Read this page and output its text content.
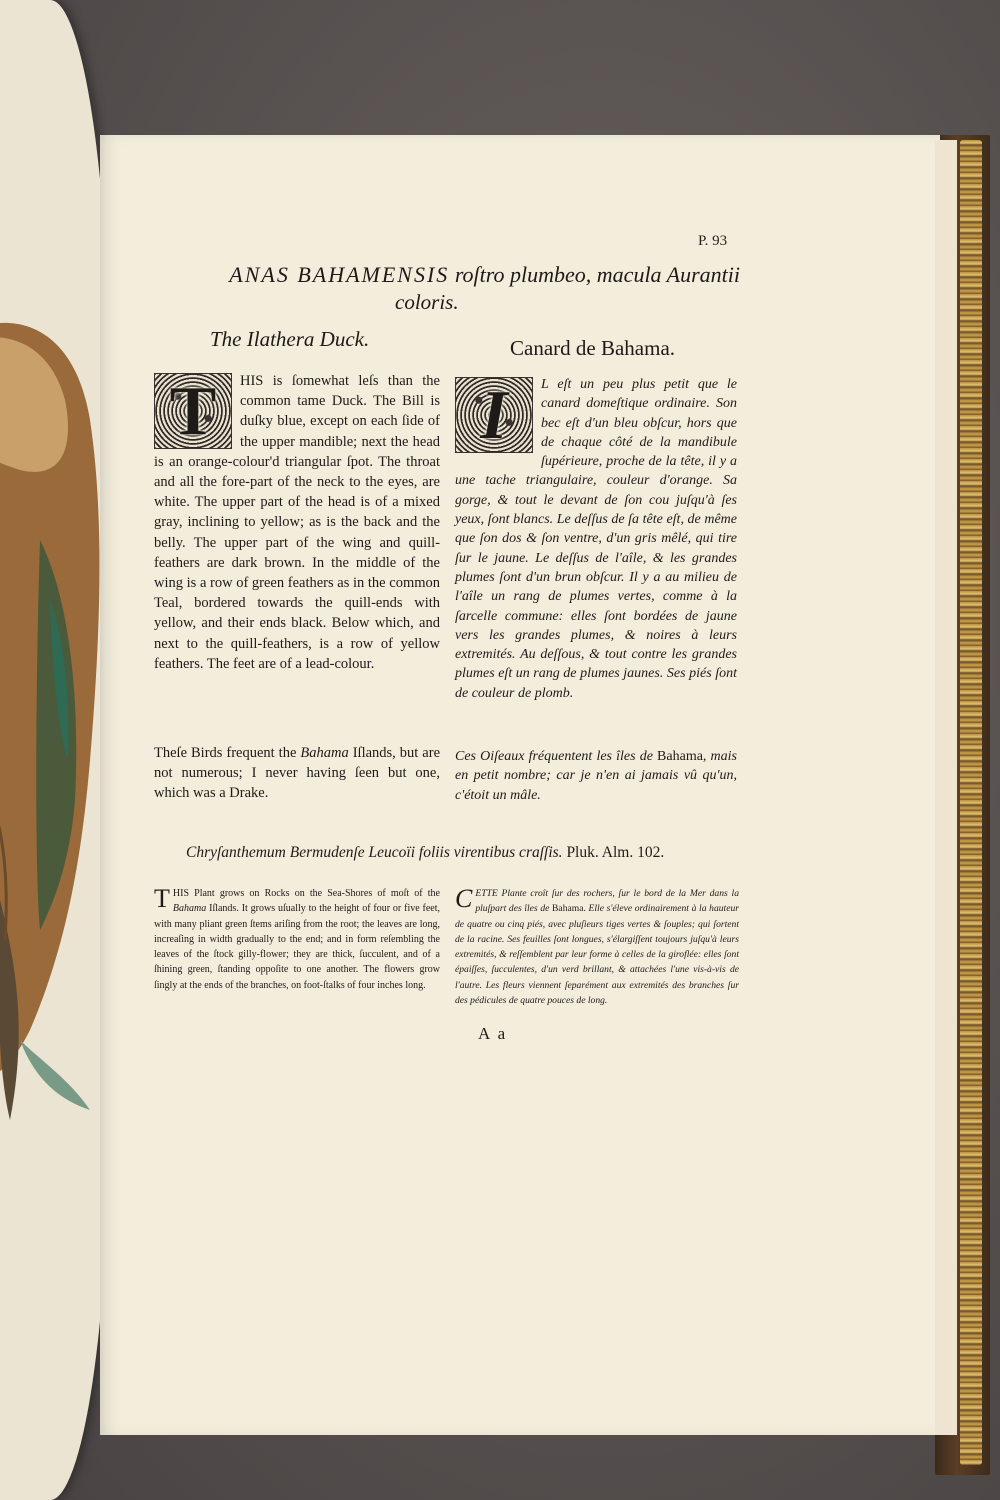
P. 93
ANAS BAHAMENSIS roſtro plumbeo, macula Aurantii
coloris.
The Ilathera Duck.	Canard de Bahama.

T	HIS is ſomewhat leſs than the common tame Duck. The Bill is duſky blue, except on each ſide of the upper mandible; next the head is an orange-colour'd triangular ſpot. The throat and all the fore-part of the neck to the eyes, are white. The upper part of the head is of a mixed gray, inclining to yellow; as is the back and the belly. The upper part of the wing and quill-feathers are dark brown. In the middle of the wing is a row of green feathers as in the common Teal, bordered towards the quill-ends with yellow, and their ends black. Below which, and next to the quill-feathers, is a row of yellow feathers. The feet are of a lead-colour.

Theſe Birds frequent the Bahama Iſlands, but are not numerous; I never having ſeen but one, which was a Drake.

I	L eſt un peu plus petit que le canard domeſtique ordinaire. Son bec eſt d'un bleu obſcur, hors que de chaque côté de la mandibule ſupérieure, proche de la tête, il y a une tache triangulaire, couleur d'orange. Sa gorge, & tout le devant de ſon cou juſqu'à ſes yeux, ſont blancs. Le deſſus de ſa tête eſt, de même que ſon dos & ſon ventre, d'un gris mêlé, qui tire ſur le jaune. Le deſſus de l'aîle, & les grandes plumes ſont d'un brun obſcur. Il y a au milieu de l'aîle un rang de plumes vertes, comme à la ſarcelle commune: elles ſont bordées de jaune vers les grandes plumes, & noires à leurs extremités. Au deſſous, & tout contre les grandes plumes eſt un rang de plumes jaunes. Ses piés ſont de couleur de plomb.

Ces Oiſeaux fréquentent les îles de Bahama, mais en petit nombre; car je n'en ai jamais vû qu'un, c'étoit un mâle.

Chryſanthemum Bermudenſe Leucoïi foliis virentibus craſſis. Pluk. Alm. 102.

THIS Plant grows on Rocks on the Sea-Shores of moſt of the Bahama Iſlands. It grows uſually to the height of four or five feet, with many pliant green ſtems ariſing from the root; the leaves are long, increaſing in width gradually to the end; and in form reſembling the leaves of the ſtock gilly-flower; they are thick, ſucculent, and of a ſhining green, ſtanding oppoſite to one another. The flowers grow ſingly at the ends of the branches, on foot-ſtalks of four inches long.

CETTE Plante croît ſur des rochers, ſur le bord de la Mer dans la pluſpart des îles de Bahama. Elle s'éleve ordinairement à la hauteur de quatre ou cinq piés, avec pluſieurs tiges vertes & ſouples; qui ſortent de la racine. Ses feuilles ſont longues, s'élargiſſent toujours juſqu'à leurs extremités, & reſſemblent par leur forme à celles de la giroflée: elles ſont épaiſſes, ſucculentes, d'un verd brillant, & attachées l'une vis-à-vis de l'autre. Les fleurs viennent ſeparément aux extremités des branches ſur des pédicules de quatre pouces de long.

A a
